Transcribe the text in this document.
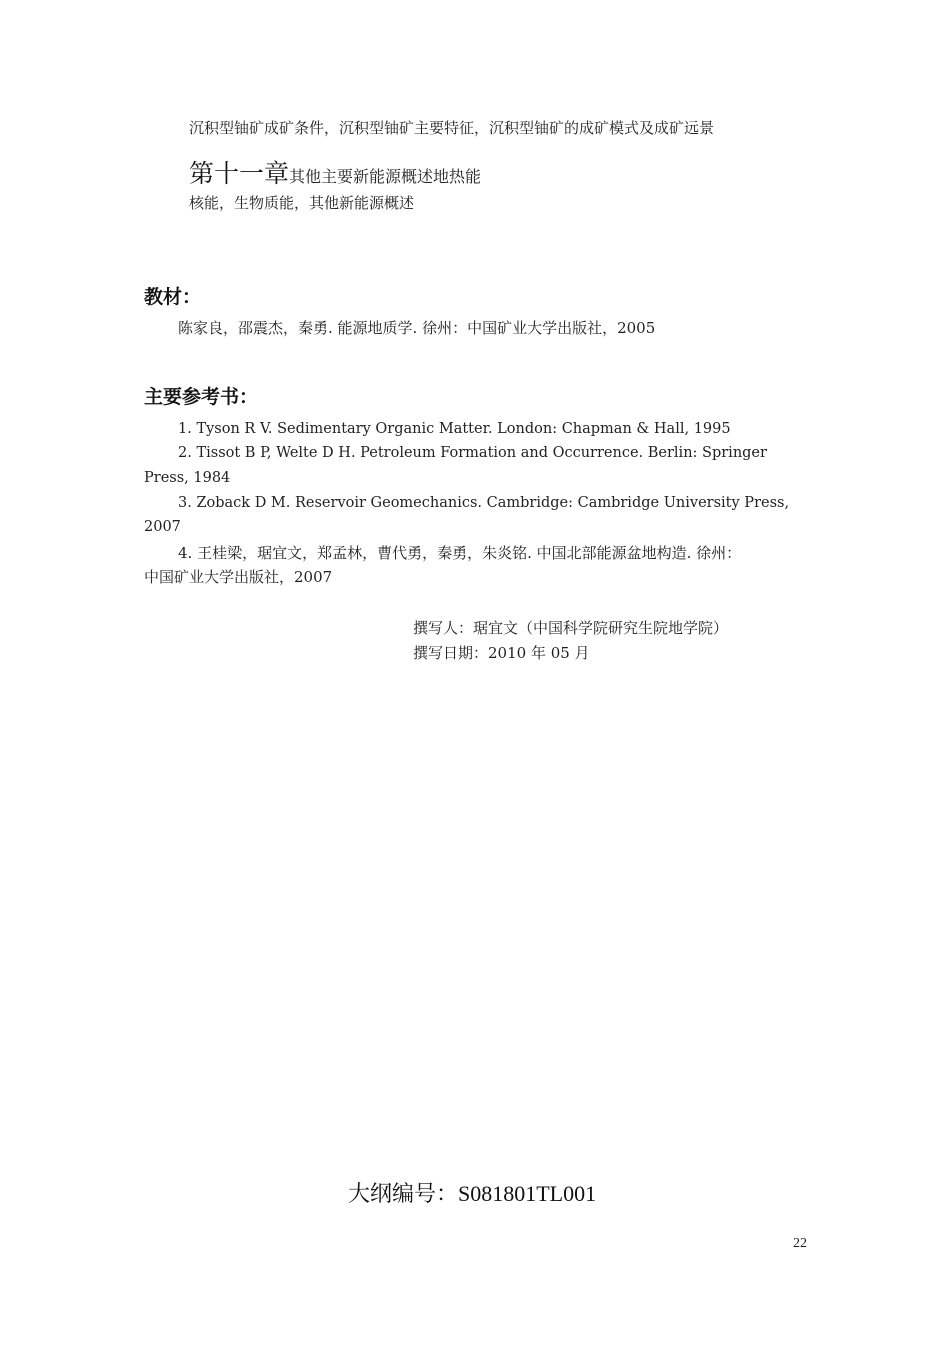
沉积型铀矿成矿条件，沉积型铀矿主要特征，沉积型铀矿的成矿模式及成矿远景
第十一章其他主要新能源概述地热能
核能，生物质能，其他新能源概述
教材：
陈家良，邵震杰，秦勇. 能源地质学. 徐州：中国矿业大学出版社，2005
主要参考书：
1. Tyson R V. Sedimentary Organic Matter. London: Chapman & Hall, 1995
2. Tissot B P, Welte D H. Petroleum Formation and Occurrence. Berlin: Springer
Press, 1984
3. Zoback D M. Reservoir Geomechanics. Cambridge: Cambridge University Press,
2007
4. 王桂梁，琚宜文，郑孟林，曹代勇，秦勇，朱炎铭. 中国北部能源盆地构造. 徐州：
中国矿业大学出版社，2007
撰写人：琚宜文（中国科学院研究生院地学院）
撰写日期：2010 年 05 月
大纲编号：S081801TL001
22
